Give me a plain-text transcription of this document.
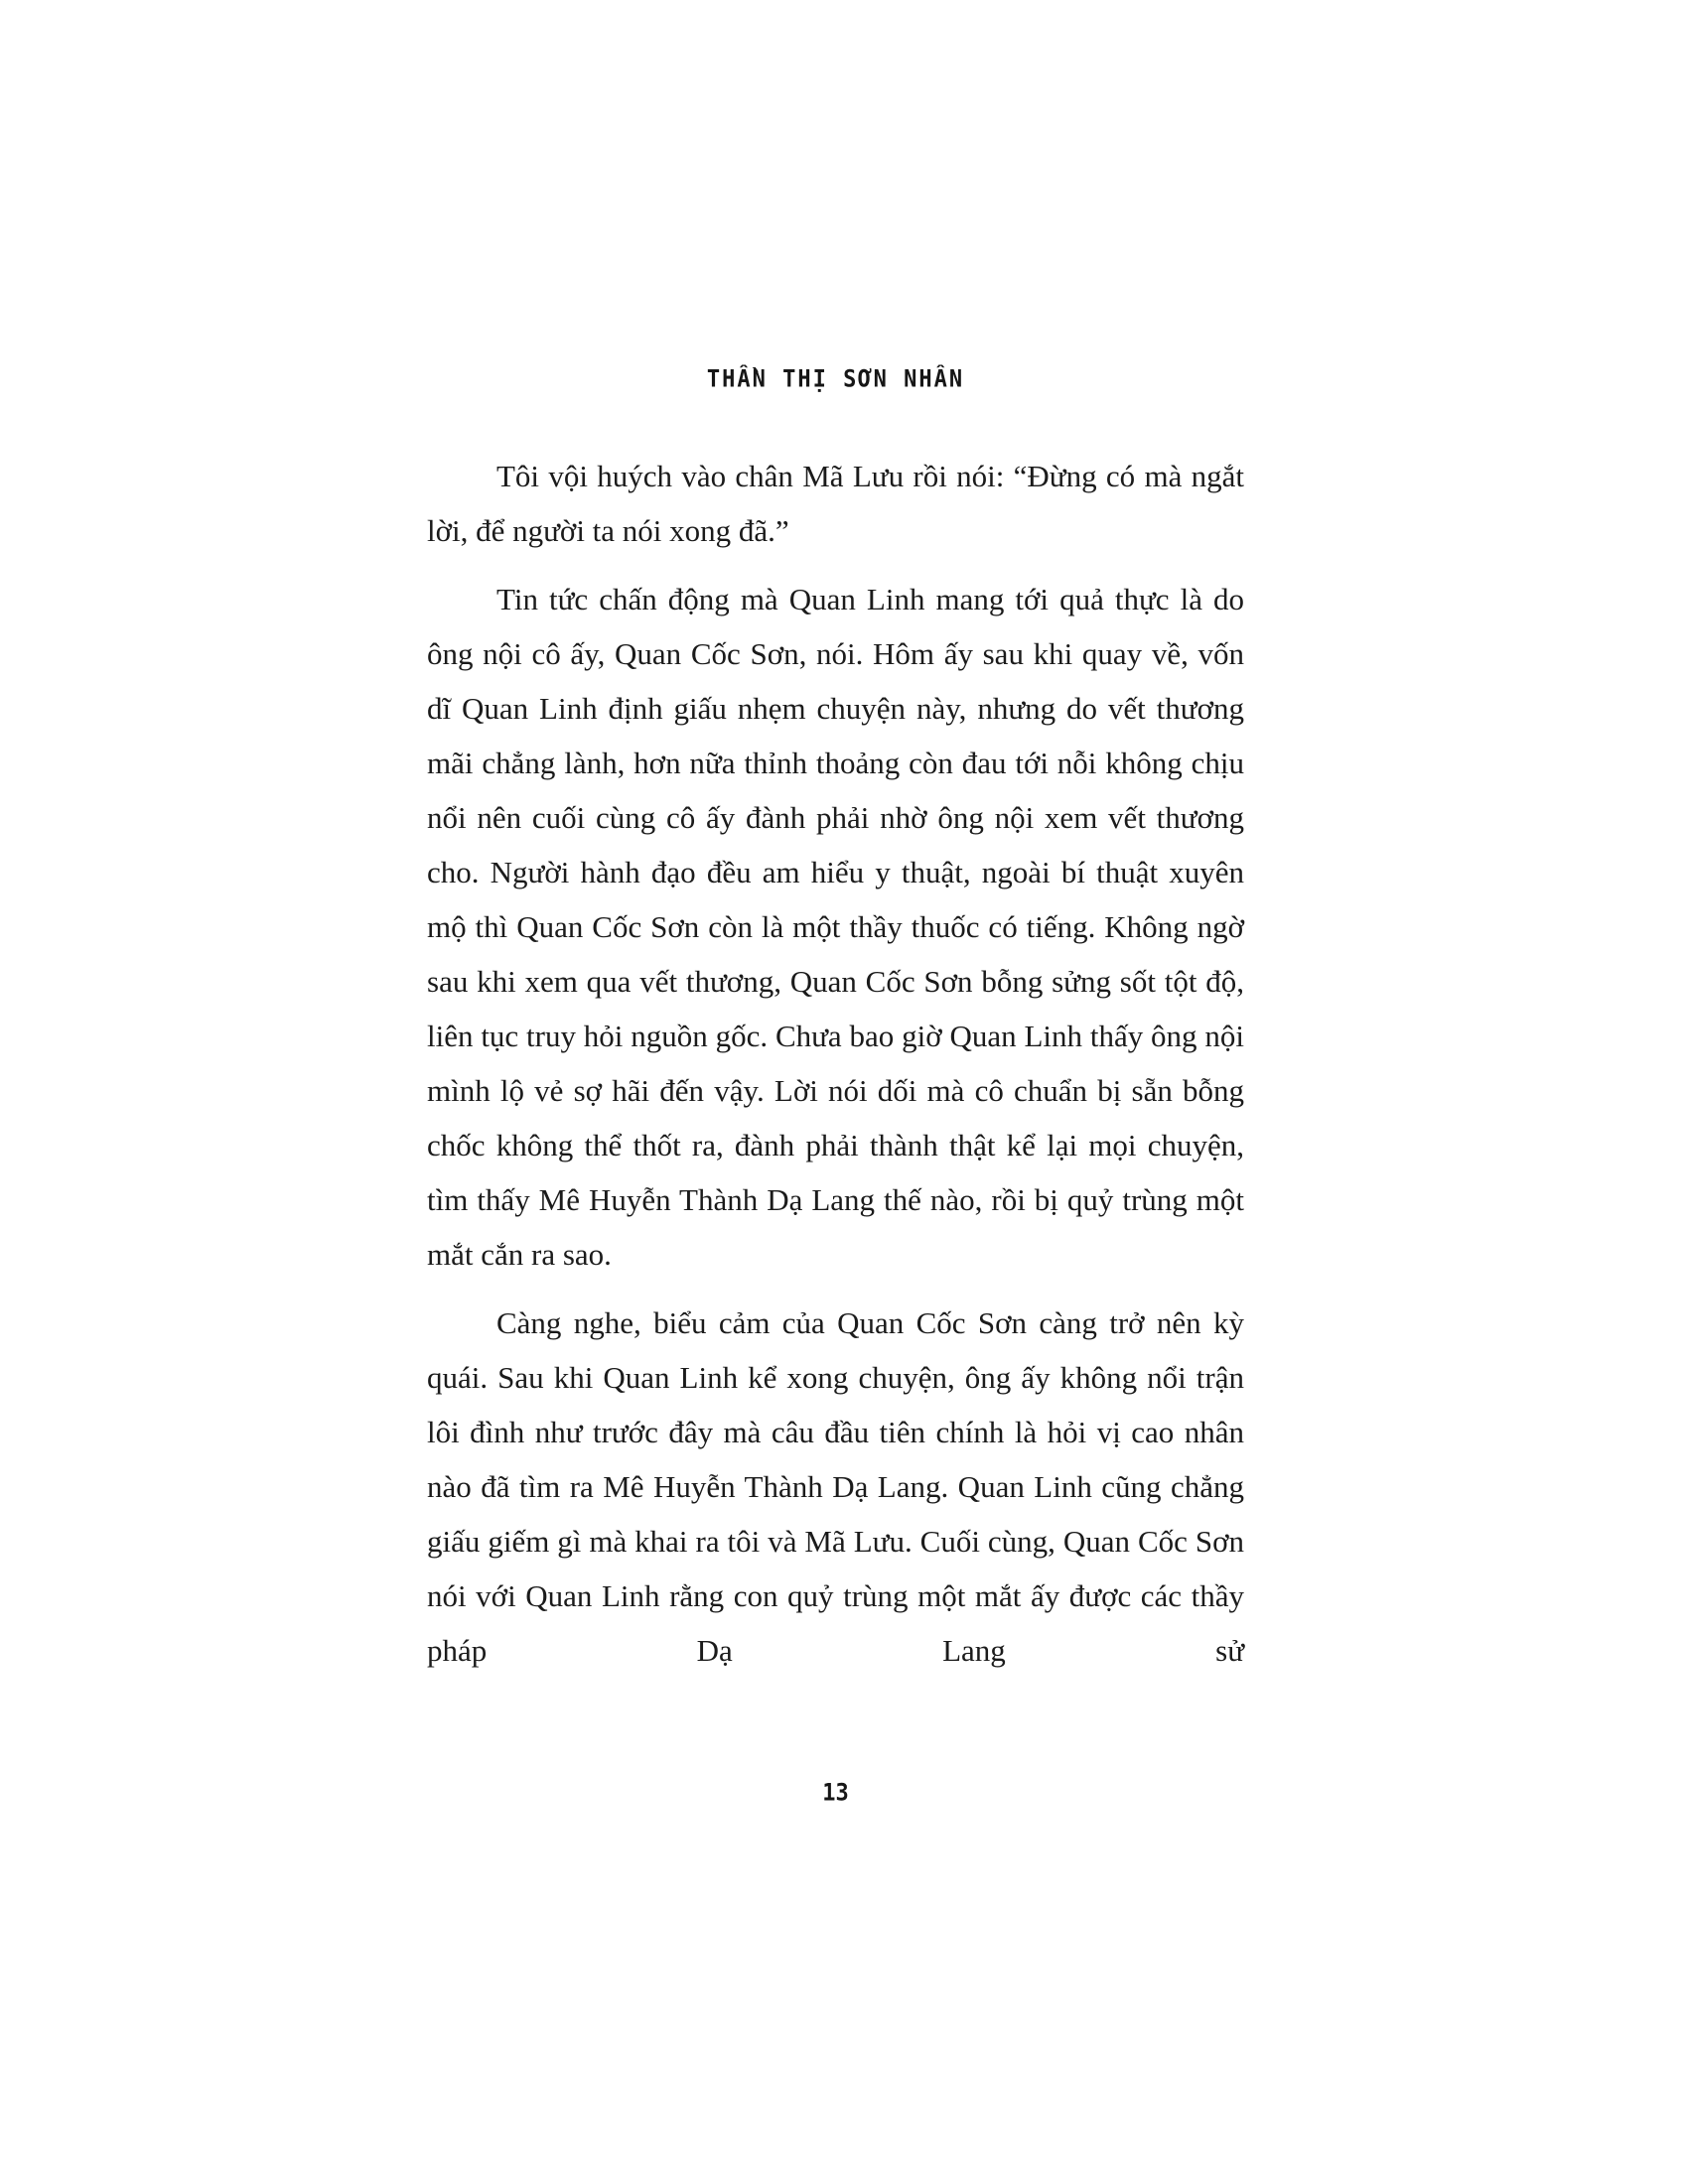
THẦN THỊ SƠN NHÂN

Tôi vội huých vào chân Mã Lưu rồi nói: “Đừng có mà ngắt lời, để người ta nói xong đã.”

Tin tức chấn động mà Quan Linh mang tới quả thực là do ông nội cô ấy, Quan Cốc Sơn, nói. Hôm ấy sau khi quay về, vốn dĩ Quan Linh định giấu nhẹm chuyện này, nhưng do vết thương mãi chẳng lành, hơn nữa thỉnh thoảng còn đau tới nỗi không chịu nổi nên cuối cùng cô ấy đành phải nhờ ông nội xem vết thương cho. Người hành đạo đều am hiểu y thuật, ngoài bí thuật xuyên mộ thì Quan Cốc Sơn còn là một thầy thuốc có tiếng. Không ngờ sau khi xem qua vết thương, Quan Cốc Sơn bỗng sửng sốt tột độ, liên tục truy hỏi nguồn gốc. Chưa bao giờ Quan Linh thấy ông nội mình lộ vẻ sợ hãi đến vậy. Lời nói dối mà cô chuẩn bị sẵn bỗng chốc không thể thốt ra, đành phải thành thật kể lại mọi chuyện, tìm thấy Mê Huyễn Thành Dạ Lang thế nào, rồi bị quỷ trùng một mắt cắn ra sao.

Càng nghe, biểu cảm của Quan Cốc Sơn càng trở nên kỳ quái. Sau khi Quan Linh kể xong chuyện, ông ấy không nổi trận lôi đình như trước đây mà câu đầu tiên chính là hỏi vị cao nhân nào đã tìm ra Mê Huyễn Thành Dạ Lang. Quan Linh cũng chẳng giấu giếm gì mà khai ra tôi và Mã Lưu. Cuối cùng, Quan Cốc Sơn nói với Quan Linh rằng con quỷ trùng một mắt ấy được các thầy pháp Dạ Lang sử

13
